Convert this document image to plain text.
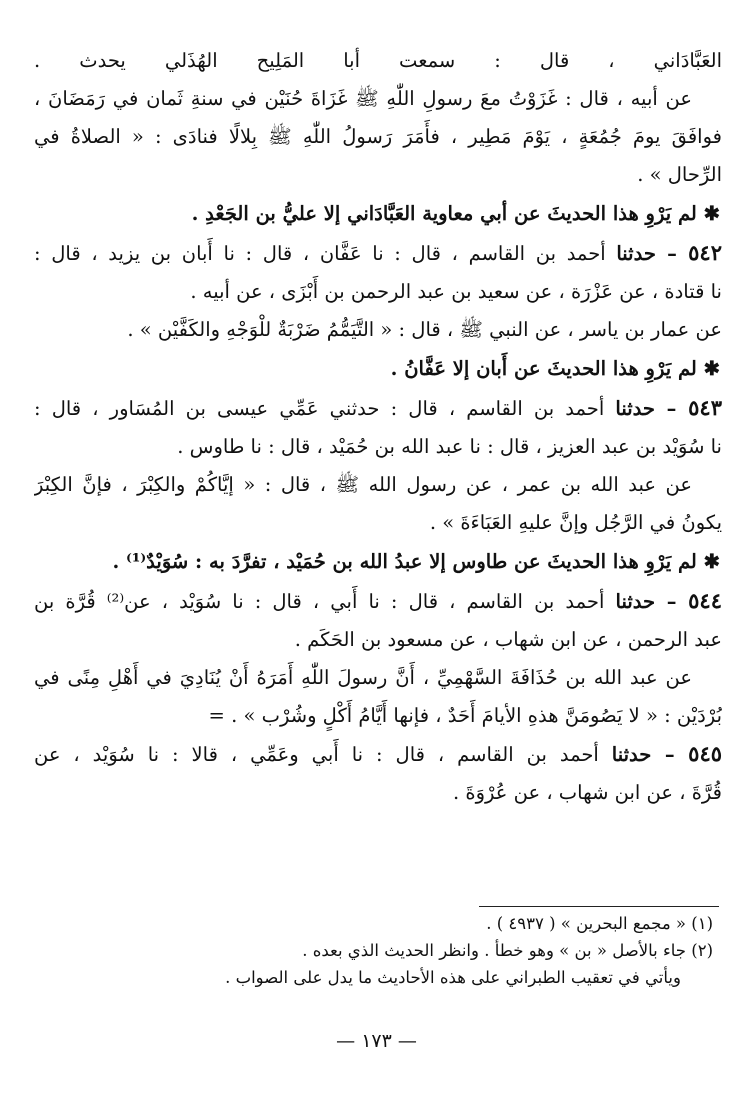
العَبَّادَاني ، قال : سمعت أبا المَلِيح الهُذَلي يحدث .
عن أبيه ، قال : غَزَوْتُ معَ رسولِ اللّٰهِ ﷺ غَزَاةَ حُنَيْن في سنةِ ثَمان في رَمَضَانَ ،
فوافَقَ يومَ جُمُعَةٍ ، يَوْمَ مَطِير ، فأَمَرَ رَسولُ اللّٰهِ ﷺ بِلالًا فنادَى : « الصلاةُ في
الرِّحال » .
✱ لم يَرْوِ هذا الحديثَ عن أبي معاوية العَبَّادَاني إلا عليُّ بن الجَعْدِ .
٥٤٢ – حدثنا أحمد بن القاسم ، قال : نا عَفَّان ، قال : نا أَبان بن يزيد ، قال :
نا قتادة ، عن عَزْرَة ، عن سعيد بن عبد الرحمن بن أَبْزَى ، عن أبيه .
عن عمار بن ياسر ، عن النبي ﷺ ، قال : « التَّيَمُّمُ ضَرْبَةٌ للْوَجْهِ والكَفَّيْن » .
✱ لم يَرْوِ هذا الحديثَ عن أَبان إلا عَفَّانُ .
٥٤٣ – حدثنا أحمد بن القاسم ، قال : حدثني عَمِّي عيسى بن المُسَاور ، قال :
نا سُوَيْد بن عبد العزيز ، قال : نا عبد الله بن حُمَيْد ، قال : نا طاوس .
عن عبد الله بن عمر ، عن رسول الله ﷺ ، قال : « إيَّاكُمْ والكِبْرَ ، فإنَّ الكِبْرَ
يكونُ في الرَّجُل وإنَّ عليهِ العَبَاءَةَ » .
✱ لم يَرْوِ هذا الحديثَ عن طاوس إلا عبدُ الله بن حُمَيْد ، تفرَّدَ به : سُوَيْدٌ⁽¹⁾ .
٥٤٤ – حدثنا أحمد بن القاسم ، قال : نا أَبي ، قال : نا سُوَيْد ، عن⁽²⁾ قُرَّة بن
عبد الرحمن ، عن ابن شهاب ، عن مسعود بن الحَكَم .
عن عبد الله بن حُذَافَةَ السَّهْمِيِّ ، أَنَّ رسولَ اللّٰهِ أَمَرَهُ أَنْ يُنَادِيَ في أَهْلِ مِنًى في
بُرْدَيْن : « لا يَصُومَنَّ هذهِ الأيامَ أَحَدٌ ، فإنها أَيَّامُ أَكْلٍ وشُرْب » . =
٥٤٥ – حدثنا أحمد بن القاسم ، قال : نا أَبي وعَمِّي ، قالا : نا سُوَيْد ، عن
قُرَّةَ ، عن ابن شهاب ، عن عُرْوَةَ .
(١) « مجمع البحرين » ( ٤٩٣٧ ) .
(٢) جاء بالأصل « بن » وهو خطأ . وانظر الحديث الذي بعده .
ويأتي في تعقيب الطبراني على هذه الأحاديث ما يدل على الصواب .
— ١٧٣ —
